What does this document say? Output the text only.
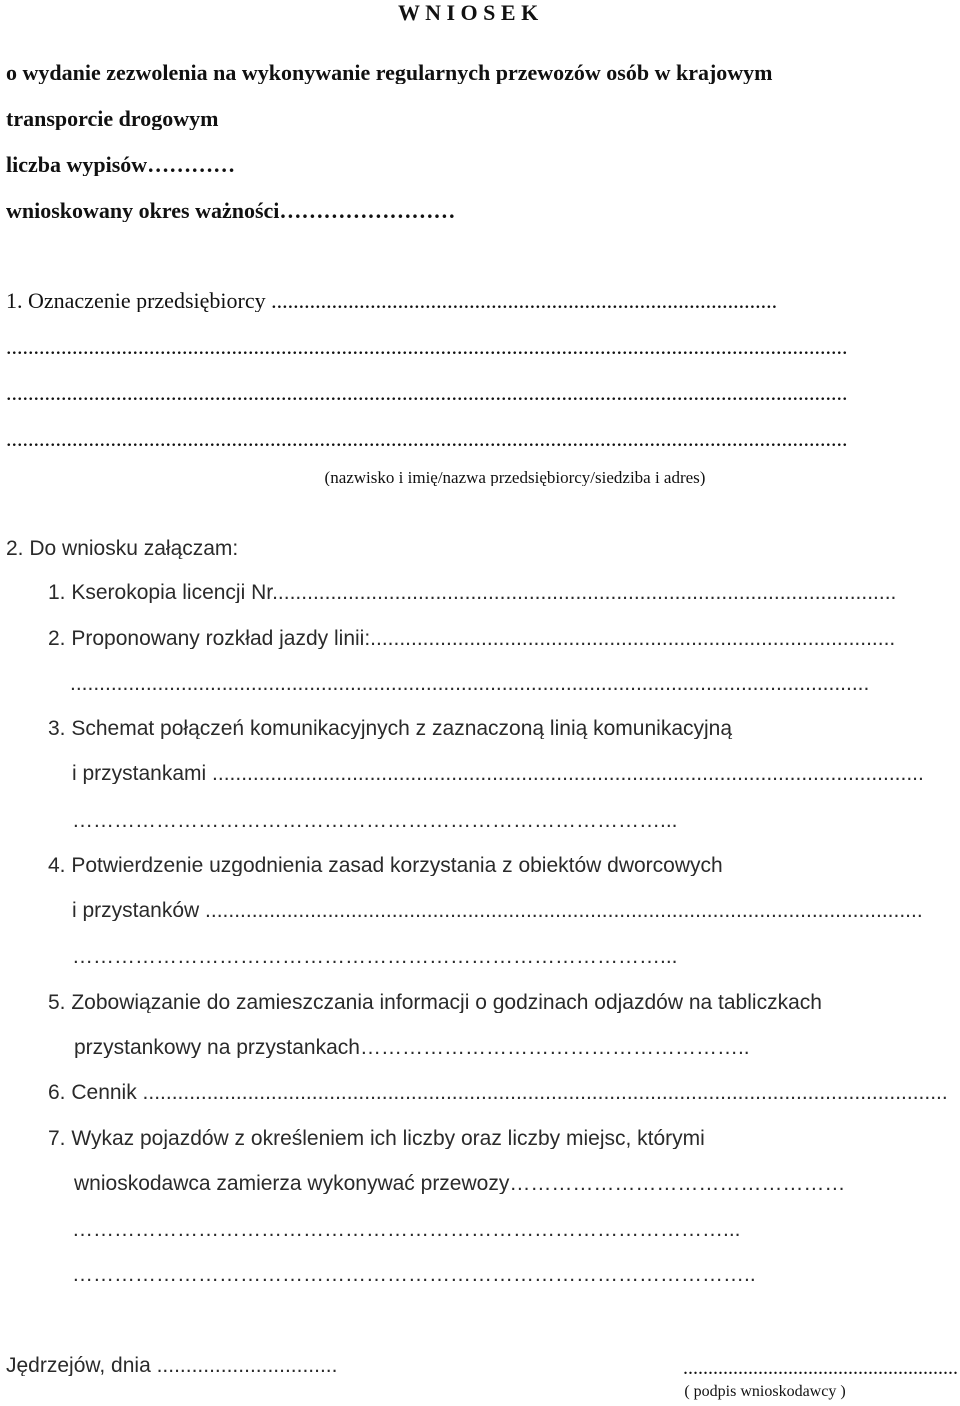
W N I O S E K
o wydanie zezwolenia na wykonywanie regularnych przewozów osób w krajowym
transporcie drogowym
liczba wypisów…………
wnioskowany okres ważności……………………
1. Oznaczenie przedsiębiorcy ............................................................................................
.........................................................................................................................................................
.........................................................................................................................................................
.........................................................................................................................................................
(nazwisko i imię/nazwa przedsiębiorcy/siedziba i adres)
2. Do wniosku załączam:
1. Kserokopia licencji Nr...........................................................................................................
2. Proponowany rozkład jazdy linii:..........................................................................................
.........................................................................................................................................
3. Schemat połączeń komunikacyjnych z zaznaczoną linią komunikacyjną
i przystankami ..........................................................................................................................
…………………………………………………………………………...
4. Potwierdzenie uzgodnienia zasad korzystania z obiektów dworcowych
i przystanków ...........................................................................................................................
…………………………………………………………………………...
5. Zobowiązanie do zamieszczania informacji o godzinach odjazdów na tabliczkach
przystankowy na przystankach………………………………………………..
6. Cennik ..........................................................................................................................................
7. Wykaz pojazdów z określeniem ich liczby oraz liczby miejsc, którymi
wnioskodawca zamierza wykonywać przewozy…………………………………………
…………………………………………………………………………………...
……………………………………………………………………………………..
Jędrzejów, dnia ...............................	.......................................................
( podpis wnioskodawcy )
